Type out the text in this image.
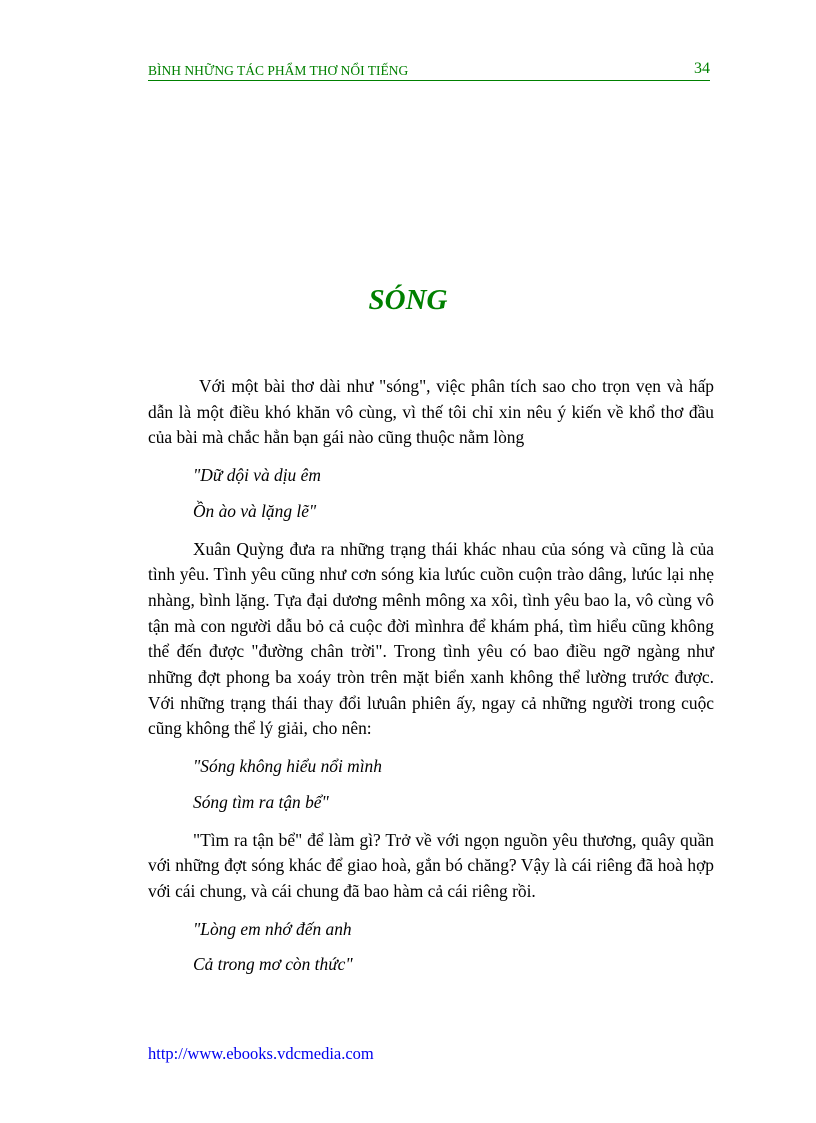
BÌNH NHỮNG TÁC PHẨM THƠ NỔI TIẾNG	34
SÓNG

Với một bài thơ dài như "sóng", việc phân tích sao cho trọn vẹn và hấp dẫn là một điều khó khăn vô cùng, vì thế tôi chỉ xin nêu ý kiến về khổ thơ đầu của bài mà chắc hẳn bạn gái nào cũng thuộc nằm lòng

"Dữ dội và dịu êm

Ồn ào và lặng lẽ"

Xuân Quỳng đưa ra những trạng thái khác nhau của sóng và cũng là của tình yêu. Tình yêu cũng như cơn sóng kia lưúc cuồn cuộn trào dâng, lưúc lại nhẹ nhàng, bình lặng. Tựa đại dương mênh mông xa xôi, tình yêu bao la, vô cùng vô tận mà con người dẫu bỏ cả cuộc đời mìnhra để khám phá, tìm hiểu cũng không thể đến được "đường chân trời". Trong tình yêu có bao điều ngỡ ngàng như những đợt phong ba xoáy tròn trên mặt biển xanh không thể lường trước được. Với những trạng thái thay đổi lưuân phiên ấy, ngay cả những người trong cuộc cũng không thể lý giải, cho nên:

"Sóng không hiểu nổi mình

Sóng tìm ra tận bể"

"Tìm ra tận bể" để làm gì? Trở về với ngọn nguồn yêu thương, quây quần với những đợt sóng khác để giao hoà, gắn bó chăng? Vậy là cái riêng đã hoà hợp với cái chung, và cái chung đã bao hàm cả cái riêng rồi.

"Lòng em nhớ đến anh

Cả trong mơ còn thức"

http://www.ebooks.vdcmedia.com
